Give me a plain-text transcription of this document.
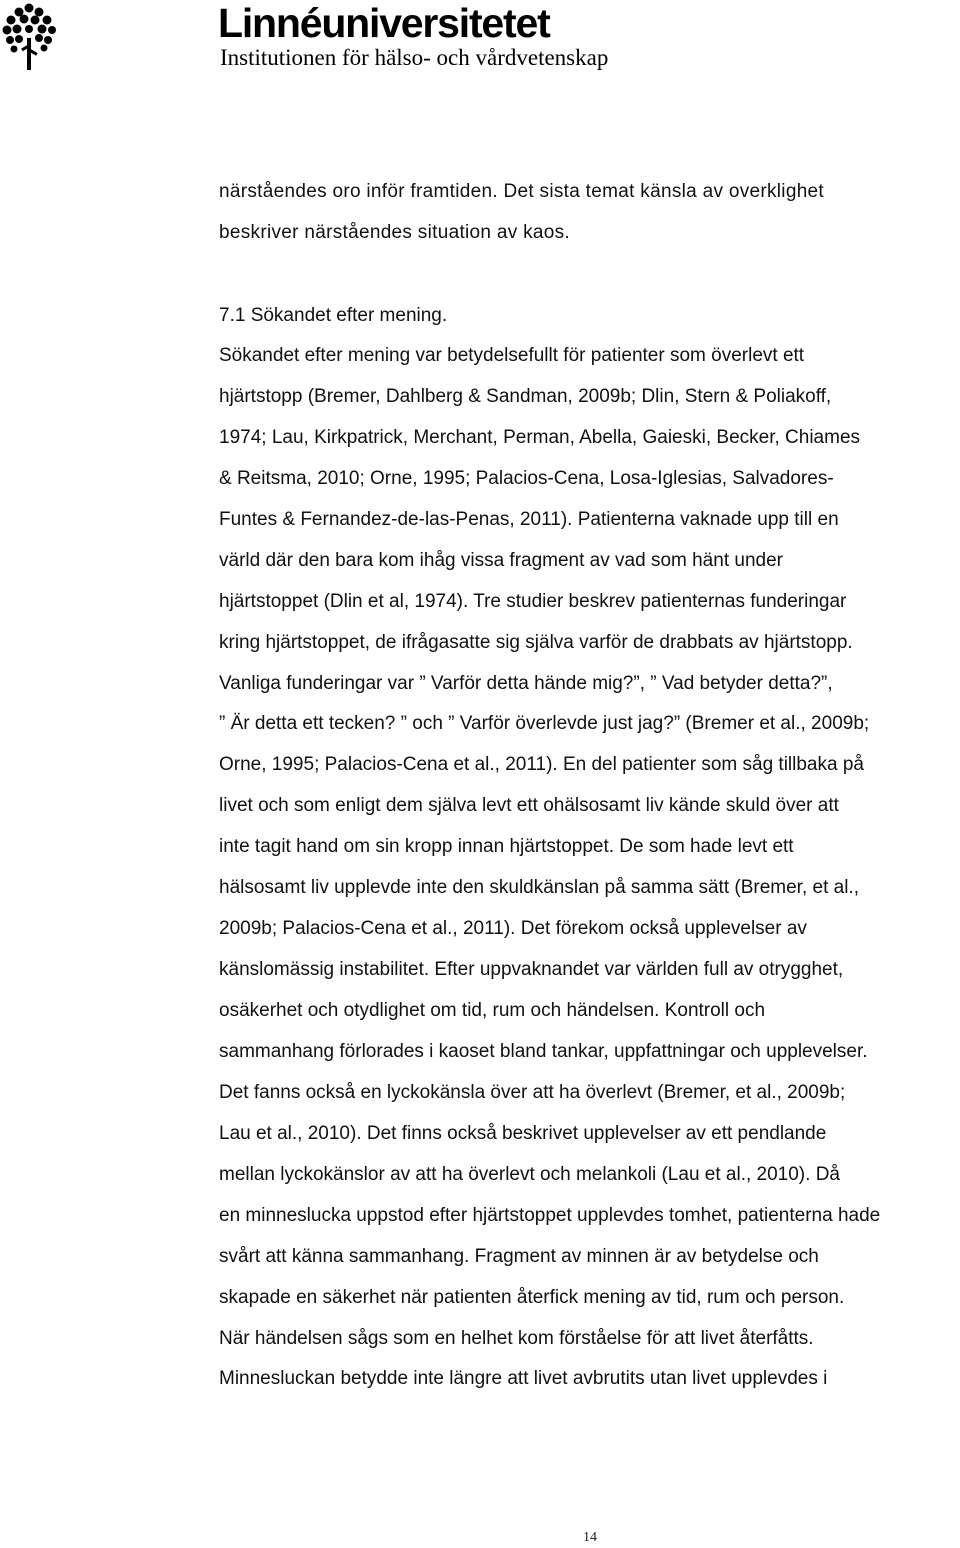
Linnéuniversitetet
Institutionen för hälso- och vårdvetenskap
närståendes oro inför framtiden. Det sista temat känsla av overklighet
beskriver närståendes situation av kaos.
7.1 Sökandet efter mening.
Sökandet efter mening var betydelsefullt för patienter som överlevt ett
hjärtstopp (Bremer, Dahlberg & Sandman, 2009b; Dlin, Stern & Poliakoff,
1974; Lau, Kirkpatrick, Merchant, Perman, Abella, Gaieski, Becker, Chiames
& Reitsma, 2010; Orne, 1995; Palacios-Cena, Losa-Iglesias, Salvadores-
Funtes & Fernandez-de-las-Penas, 2011). Patienterna vaknade upp till en
värld där den bara kom ihåg vissa fragment av vad som hänt under
hjärtstoppet (Dlin et al, 1974). Tre studier beskrev patienternas funderingar
kring hjärtstoppet, de ifrågasatte sig själva varför de drabbats av hjärtstopp.
Vanliga funderingar var ” Varför detta hände mig?”, ” Vad betyder detta?”,
” Är detta ett tecken? ” och ” Varför överlevde just jag?” (Bremer et al., 2009b;
Orne, 1995; Palacios-Cena et al., 2011). En del patienter som såg tillbaka på
livet och som enligt dem själva levt ett ohälsosamt liv kände skuld över att
inte tagit hand om sin kropp innan hjärtstoppet. De som hade levt ett
hälsosamt liv upplevde inte den skuldkänslan på samma sätt (Bremer, et al.,
2009b; Palacios-Cena et al., 2011). Det förekom också upplevelser av
känslomässig instabilitet. Efter uppvaknandet var världen full av otrygghet,
osäkerhet och otydlighet om tid, rum och händelsen. Kontroll och
sammanhang förlorades i kaoset bland tankar, uppfattningar och upplevelser.
Det fanns också en lyckokänsla över att ha överlevt (Bremer, et al., 2009b;
Lau et al., 2010). Det finns också beskrivet upplevelser av ett pendlande
mellan lyckokänslor av att ha överlevt och melankoli (Lau et al., 2010). Då
en minneslucka uppstod efter hjärtstoppet upplevdes tomhet, patienterna hade
svårt att känna sammanhang. Fragment av minnen är av betydelse och
skapade en säkerhet när patienten återfick mening av tid, rum och person.
När händelsen sågs som en helhet kom förståelse för att livet återfåtts.
Minnesluckan betydde inte längre att livet avbrutits utan livet upplevdes i
14
